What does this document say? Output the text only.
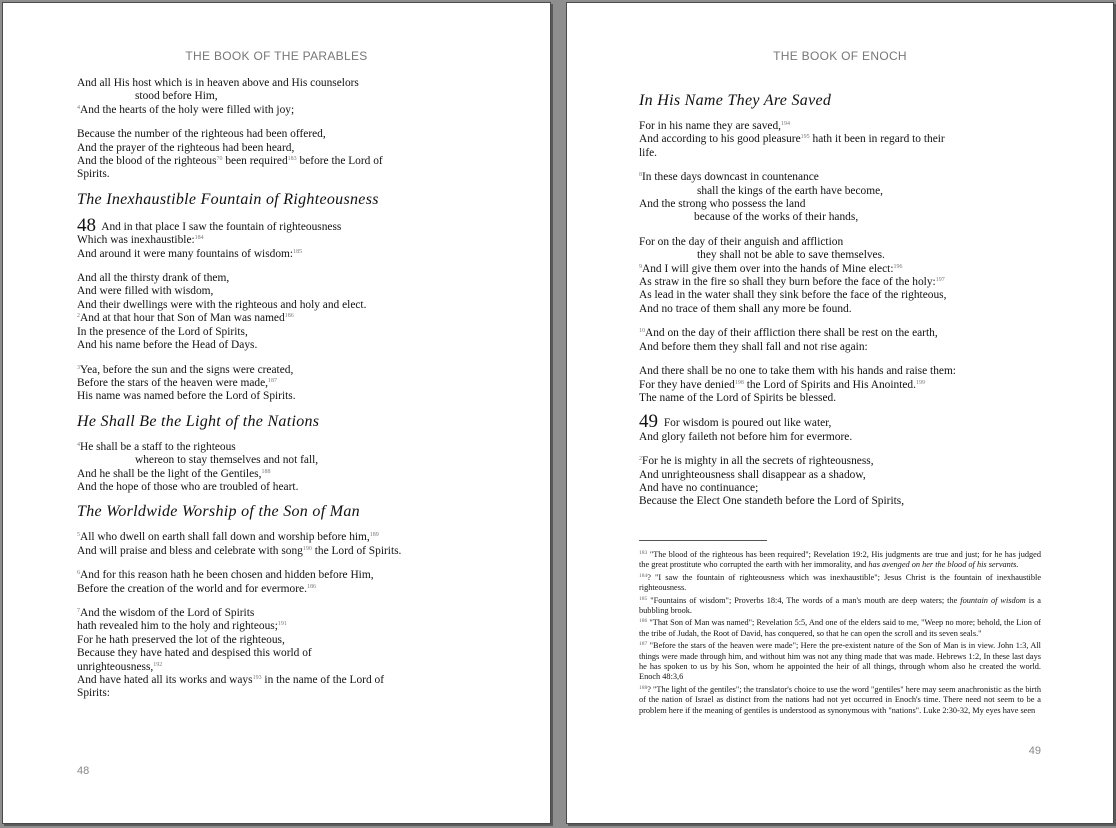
THE BOOK OF THE PARABLES
And all His host which is in heaven above and His counselors
stood before Him,
$^4$And the hearts of the holy were filled with joy;
Because the number of the righteous had been offered,
And the prayer of the righteous had been heard,
And the blood of the righteous$^{70}$ been required$^{183}$ before the Lord of
Spirits.
The Inexhaustible Fountain of Righteousness
48 And in that place I saw the fountain of righteousness
Which was inexhaustible:$^{184}$
And around it were many fountains of wisdom:$^{185}$
And all the thirsty drank of them,
And were filled with wisdom,
And their dwellings were with the righteous and holy and elect.
$^2$And at that hour that Son of Man was named$^{186}$
In the presence of the Lord of Spirits,
And his name before the Head of Days.
$^3$Yea, before the sun and the signs were created,
Before the stars of the heaven were made,$^{187}$
His name was named before the Lord of Spirits.
He Shall Be the Light of the Nations
$^4$He shall be a staff to the righteous
whereon to stay themselves and not fall,
And he shall be the light of the Gentiles,$^{188}$
And the hope of those who are troubled of heart.
The Worldwide Worship of the Son of Man
$^5$All who dwell on earth shall fall down and worship before him,$^{189}$
And will praise and bless and celebrate with song$^{190}$ the Lord of Spirits.
$^6$And for this reason hath he been chosen and hidden before Him,
Before the creation of the world and for evermore.$^{186}$
$^7$And the wisdom of the Lord of Spirits
hath revealed him to the holy and righteous;$^{191}$
For he hath preserved the lot of the righteous,
Because they have hated and despised this world of
unrighteousness,$^{192}$
And have hated all its works and ways$^{193}$ in the name of the Lord of
Spirits:
48
THE BOOK OF ENOCH
In His Name They Are Saved
For in his name they are saved,$^{194}$
And according to his good pleasure$^{195}$ hath it been in regard to their
life.
$^8$In these days downcast in countenance
shall the kings of the earth have become,
And the strong who possess the land
because of the works of their hands,
For on the day of their anguish and affliction
they shall not be able to save themselves.
$^9$And I will give them over into the hands of Mine elect:$^{196}$
As straw in the fire so shall they burn before the face of the holy:$^{197}$
As lead in the water shall they sink before the face of the righteous,
And no trace of them shall any more be found.
$^{10}$And on the day of their affliction there shall be rest on the earth,
And before them they shall fall and not rise again:
And there shall be no one to take them with his hands and raise them:
For they have denied$^{198}$ the Lord of Spirits and His Anointed.$^{199}$
The name of the Lord of Spirits be blessed.
49 For wisdom is poured out like water,
And glory faileth not before him for evermore.
$^2$For he is mighty in all the secrets of righteousness,
And unrighteousness shall disappear as a shadow,
And have no continuance;
Because the Elect One standeth before the Lord of Spirits,

$^{183}$ "The blood of the righteous has been required"; Revelation 19:2, His judgments are true and just; for he has judged the great prostitute who corrupted the earth with her immorality, and has avenged on her the blood of his servants.

$^{184}$? "I saw the fountain of righteousness which was inexhaustible"; Jesus Christ is the fountain of inexhaustible righteousness.

$^{185}$ "Fountains of wisdom"; Proverbs 18:4, The words of a man's mouth are deep waters; the fountain of wisdom is a bubbling brook.

$^{186}$ "That Son of Man was named"; Revelation 5:5, And one of the elders said to me, "Weep no more; behold, the Lion of the tribe of Judah, the Root of David, has conquered, so that he can open the scroll and its seven seals."

$^{187}$ "Before the stars of the heaven were made"; Here the pre-existent nature of the Son of Man is in view. John 1:3, All things were made through him, and without him was not any thing made that was made. Hebrews 1:2, In these last days he has spoken to us by his Son, whom he appointed the heir of all things, through whom also he created the world. Enoch 48:3,6

$^{188}$? "The light of the gentiles"; the translator's choice to use the word "gentiles" here may seem anachronistic as the birth of the nation of Israel as distinct from the nations had not yet occurred in Enoch's time. There need not seem to be a problem here if the meaning of gentiles is understood as synonymous with "nations". Luke 2:30-32, My eyes have seen

49
